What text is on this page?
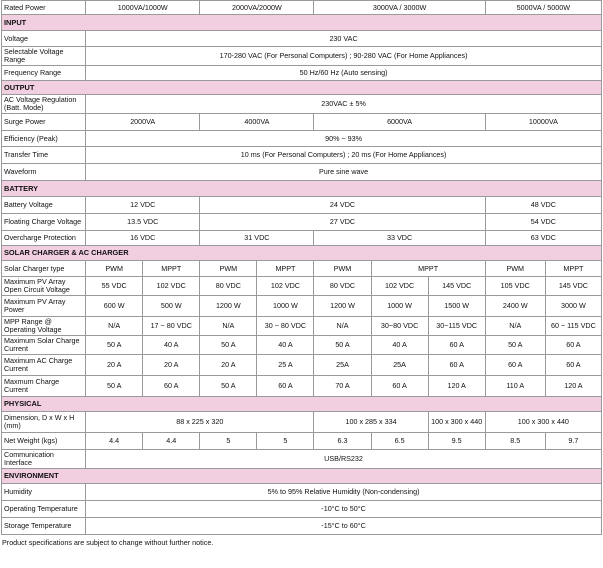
Rated Power	1000VA/1000W		2000VA/2000W		3000VA / 3000W			5000VA / 5000W	
INPUT									
Voltage	230 VAC								
Selectable Voltage Range	170-280 VAC (For Personal Computers) ; 90-280 VAC (For Home Appliances)								
Frequency Range	50 Hz/60 Hz (Auto sensing)								
OUTPUT									
AC Voltage Regulation (Batt. Mode)	230VAC ± 5%								
Surge Power	2000VA		4000VA		6000VA			10000VA	
Efficiency (Peak)	90% ~ 93%								
Transfer Time	10 ms (For Personal Computers) ; 20 ms (For Home Appliances)								
Waveform	Pure sine wave								
BATTERY									
Battery Voltage	12 VDC		24 VDC					48 VDC	
Floating Charge Voltage	13.5 VDC		27 VDC					54 VDC	
Overcharge Protection	16 VDC		31 VDC		33 VDC			63 VDC	
SOLAR CHARGER & AC CHARGER									
Solar Charger type	PWM	MPPT	PWM	MPPT	PWM	MPPT		PWM	MPPT
Maximum PV Array Open Circuit Voltage	55 VDC	102 VDC	80 VDC	102 VDC	80 VDC	102 VDC	145 VDC	105 VDC	145 VDC
Maximum PV Array Power	600 W	500 W	1200 W	1000 W	1200 W	1000 W	1500 W	2400 W	3000 W
MPP Range @ Operating Voltage	N/A	17 ~ 80 VDC	N/A	30 ~ 80 VDC	N/A	30~80 VDC	30~115 VDC	N/A	60 ~ 115 VDC
Maximum Solar Charge Current	50 A	40 A	50 A	40 A	50 A	40 A	60 A	50 A	60 A
Maximum AC Charge Current	20 A	20 A	20 A	25 A	25A	25A	60 A	60 A	60 A
Maxmum Charge Current	50 A	60 A	50 A	60 A	70 A	60 A	120 A	110 A	120 A
PHYSICAL									
Dimension, D x W x H (mm)	88 x 225 x 320				100 x 285 x 334		100 x 300 x 440	100 x 300 x 440	
Net Weight (kgs)	4.4	4.4	5	5	6.3	6.5	9.5	8.5	9.7
Communication Interface	USB/RS232								
ENVIRONMENT									
Humidity	5% to 95% Relative Humidity (Non-condensing)								
Operating Temperature	-10°C to 50°C								
Storage Temperature	-15°C to 60°C								
Product specifications are subject to change without further notice.
